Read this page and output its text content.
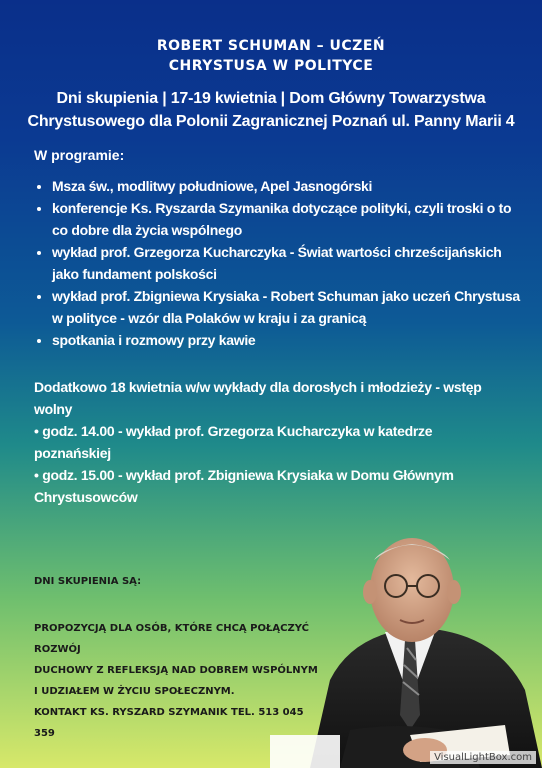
ROBERT SCHUMAN – UCZEŃ
CHRYSTUSA W POLITYCE
Dni skupienia | 17-19 kwietnia | Dom Główny Towarzystwa
Chrystusowego dla Polonii Zagranicznej Poznań ul. Panny Marii 4
W programie:
• Msza św., modlitwy południowe, Apel Jasnogórski
• konferencje Ks. Ryszarda Szymanika dotyczące polityki, czyli troski o to co dobre dla życia wspólnego
• wykład prof. Grzegorza Kucharczyka - Świat wartości chrześcijańskich jako fundament polskości
• wykład prof. Zbigniewa Krysiaka - Robert Schuman jako uczeń Chrystusa w polityce - wzór dla Polaków w kraju i za granicą
• spotkania i rozmowy przy kawie
Dodatkowo 18 kwietnia w/w wykłady dla dorosłych i młodzieży - wstęp wolny
• godz. 14.00 - wykład prof. Grzegorza Kucharczyka w katedrze poznańskiej
• godz. 15.00 - wykład prof. Zbigniewa Krysiaka w Domu Głównym Chrystusowców
DNI SKUPIENIA SĄ:
PROPOZYCJĄ DLA OSÓB, KTÓRE CHCĄ POŁĄCZYĆ ROZWÓJ
DUCHOWY Z REFLEKSJĄ NAD DOBREM WSPÓLNYM
I UDZIAŁEM W ŻYCIU SPOŁECZNYM.
KONTAKT KS. RYSZARD SZYMANIK TEL. 513 045 359
VisualLightBox.com
